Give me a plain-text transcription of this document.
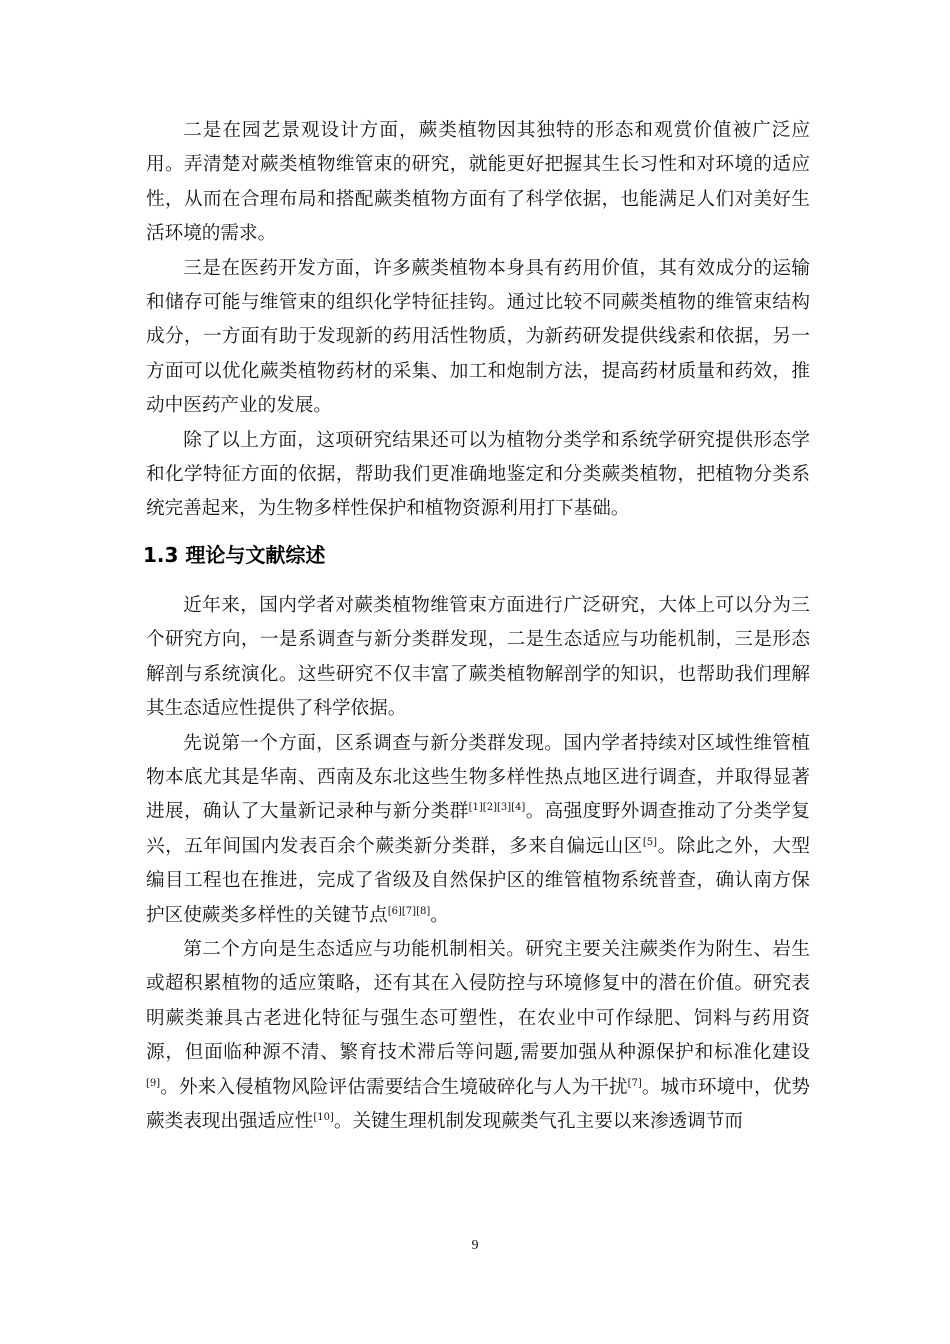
二是在园艺景观设计方面，蕨类植物因其独特的形态和观赏价值被广泛应用。弄清楚对蕨类植物维管束的研究，就能更好把握其生长习性和对环境的适应性，从而在合理布局和搭配蕨类植物方面有了科学依据，也能满足人们对美好生活环境的需求。

三是在医药开发方面，许多蕨类植物本身具有药用价值，其有效成分的运输和储存可能与维管束的组织化学特征挂钩。通过比较不同蕨类植物的维管束结构成分，一方面有助于发现新的药用活性物质，为新药研发提供线索和依据，另一方面可以优化蕨类植物药材的采集、加工和炮制方法，提高药材质量和药效，推动中医药产业的发展。

除了以上方面，这项研究结果还可以为植物分类学和系统学研究提供形态学和化学特征方面的依据，帮助我们更准确地鉴定和分类蕨类植物，把植物分类系统完善起来，为生物多样性保护和植物资源利用打下基础。

1.3 理论与文献综述

近年来，国内学者对蕨类植物维管束方面进行广泛研究，大体上可以分为三个研究方向，一是系调查与新分类群发现，二是生态适应与功能机制，三是形态解剖与系统演化。这些研究不仅丰富了蕨类植物解剖学的知识，也帮助我们理解其生态适应性提供了科学依据。

先说第一个方面，区系调查与新分类群发现。国内学者持续对区域性维管植物本底尤其是华南、西南及东北这些生物多样性热点地区进行调查，并取得显著进展，确认了大量新记录种与新分类群[1][2][3][4]。高强度野外调查推动了分类学复兴，五年间国内发表百余个蕨类新分类群，多来自偏远山区[5]。除此之外，大型编目工程也在推进，完成了省级及自然保护区的维管植物系统普查，确认南方保护区使蕨类多样性的关键节点[6][7][8]。

第二个方向是生态适应与功能机制相关。研究主要关注蕨类作为附生、岩生或超积累植物的适应策略，还有其在入侵防控与环境修复中的潜在价值。研究表明蕨类兼具古老进化特征与强生态可塑性，在农业中可作绿肥、饲料与药用资源，但面临种源不清、繁育技术滞后等问题,需要加强从种源保护和标准化建设[9]。外来入侵植物风险评估需要结合生境破碎化与人为干扰[7]。城市环境中，优势蕨类表现出强适应性[10]。关键生理机制发现蕨类气孔主要以来渗透调节而

9
